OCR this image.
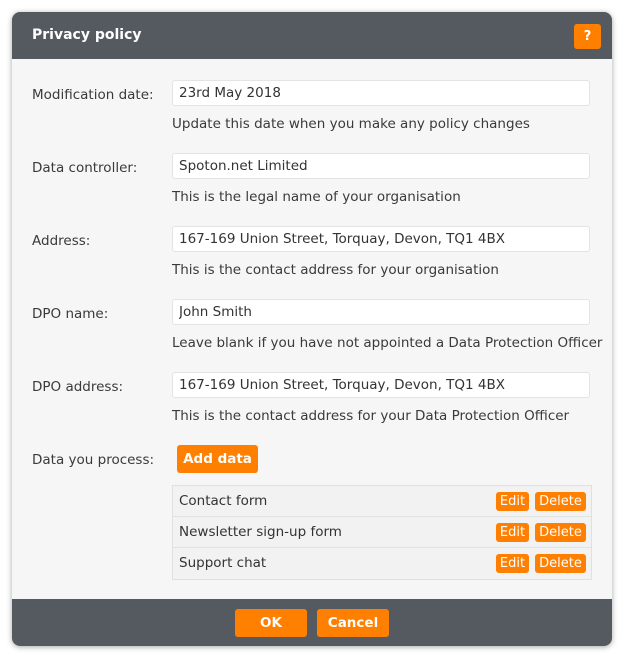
Privacy policy	?
Modification date:
23rd May 2018
Update this date when you make any policy changes
Data controller:
Spoton.net Limited
This is the legal name of your organisation
Address:
167-169 Union Street, Torquay, Devon, TQ1 4BX
This is the contact address for your organisation
DPO name:
John Smith
Leave blank if you have not appointed a Data Protection Officer
DPO address:
167-169 Union Street, Torquay, Devon, TQ1 4BX
This is the contact address for your Data Protection Officer
Data you process:	Add data
Contact form	Edit	Delete
Newsletter sign-up form	Edit	Delete
Support chat	Edit	Delete
OK	Cancel
